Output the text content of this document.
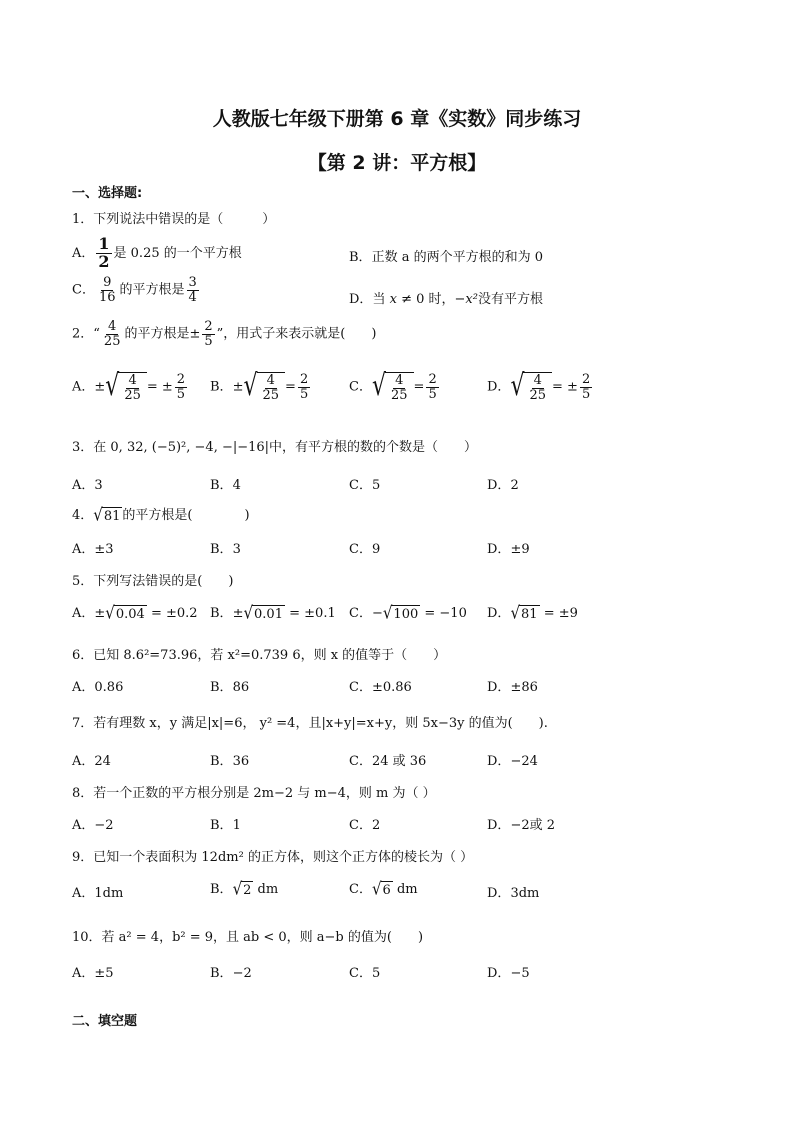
人教版七年级下册第 6 章《实数》同步练习
【第 2 讲：平方根】
一、选择题:
1．下列说法中错误的是（　　　）
A． $\frac{1}{2}$ 是 0.25 的一个平方根	B．正数 a 的两个平方根的和为 0
C． $\frac{9}{16}$ 的平方根是 $\frac{3}{4}$	D．当 x ≠ 0 时，−x²没有平方根
2．“ $\frac{4}{25}$ 的平方根是± $\frac{2}{5}$ ”，用式子来表示就是(　　)
A．± √ $\frac{4}{25}$ = ± $\frac{2}{5}$ B．± √ $\frac{4}{25} = \frac{2}{5}$	C． √ $\frac{4}{25} = \frac{2}{5}$	D． √ $\frac{4}{25}$ = ± $\frac{2}{5}$
3．在 0, 32, (−5)², −4, −|−16|中，有平方根的数的个数是（　　）
A．3	B．4	C．5	D．2
4． √ 81 的平方根是(　　　　)
A．±3	B．3	C．9	D．±9
5．下列写法错误的是(　　)
A．± √ 0.04 = ±0.2 B．± √ 0.01 = ±0.1 C．− √ 100 = −10 D． √ 81 = ±9
6．已知 8.6²=73.96，若 x²=0.739 6，则 x 的值等于（　　）
A．0.86	B．86	C．±0.86	D．±86
7．若有理数 x，y 满足|x|=6， y² =4，且|x+y|=x+y，则 5x−3y 的值为(　　).
A．24	B．36	C．24 或 36	D．−24
8．若一个正数的平方根分别是 2m−2 与 m−4，则 m 为（ ）
A．−2	B．1	C．2	D．−2或 2
9．已知一个表面积为 12dm² 的正方体，则这个正方体的棱长为（ ）
A．1dm	B． √ 2 dm	C． √ 6 dm	D．3dm
10．若 a² = 4，b² = 9，且 ab < 0，则 a−b 的值为(　　)
A．±5	B．−2	C．5	D．−5
二、填空题
